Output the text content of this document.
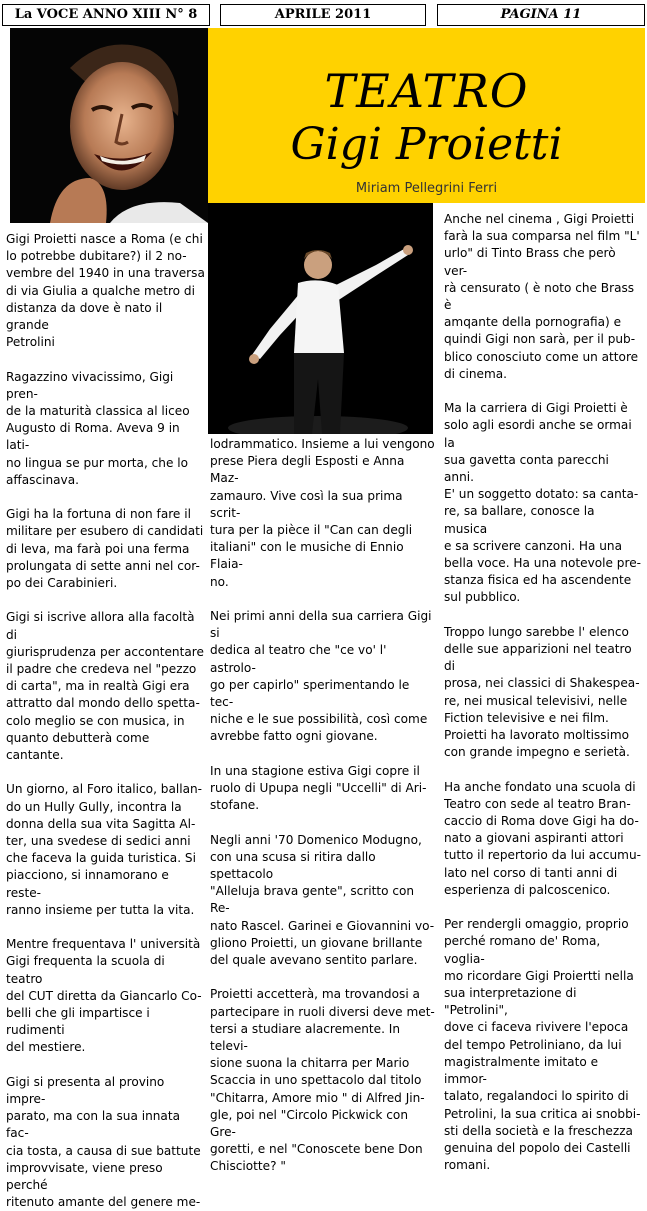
La VOCE ANNO XIII N° 8	APRILE 2011	PAGINA 11
TEATRO
Gigi Proietti
Miriam Pellegrini Ferri

Gigi Proietti nasce a Roma (e chi

lo potrebbe dubitare?) il 2 no-

vembre del 1940 in una traversa

di via Giulia a qualche metro di

distanza da dove è nato il grande

Petrolini

Ragazzino vivacissimo, Gigi pren-

de la maturità classica al liceo

Augusto di Roma. Aveva 9 in lati-

no lingua se pur morta, che lo

affascinava.

Gigi ha la fortuna di non fare il

militare per esubero di candidati

di leva, ma farà poi una ferma

prolungata di sette anni nel cor-

po dei Carabinieri.

Gigi si iscrive allora alla facoltà di

giurisprudenza per accontentare

il padre che credeva nel "pezzo

di carta", ma in realtà Gigi era

attratto dal mondo dello spetta-

colo meglio se con musica, in

quanto debutterà come cantante.

Un giorno, al Foro italico, ballan-

do un Hully Gully, incontra la

donna della sua vita Sagitta Al-

ter, una svedese di sedici anni

che faceva la guida turistica. Si

piacciono, si innamorano e reste-

ranno insieme per tutta la vita.

Mentre frequentava l' università

Gigi frequenta la scuola di teatro

del CUT diretta da Giancarlo Co-

belli che gli impartisce i rudimenti

del mestiere.

Gigi si presenta al provino impre-

parato, ma con la sua innata fac-

cia tosta, a causa di sue battute

improvvisate, viene preso perché

ritenuto amante del genere me-

lodrammatico. Insieme a lui vengono

prese Piera degli Esposti e Anna Maz-

zamauro. Vive così la sua prima scrit-

tura per la pièce il "Can can degli

italiani" con le musiche di Ennio Flaia-

no.

Nei primi anni della sua carriera Gigi si

dedica al teatro che "ce vo' l' astrolo-

go per capirlo" sperimentando le tec-

niche e le sue possibilità, così come

avrebbe fatto ogni giovane.

In una stagione estiva Gigi copre il

ruolo di Upupa negli "Uccelli" di Ari-

stofane.

Negli anni '70 Domenico Modugno,

con una scusa si ritira dallo spettacolo

"Alleluja brava gente", scritto con Re-

nato Rascel. Garinei e Giovannini vo-

gliono Proietti, un giovane brillante

del quale avevano sentito parlare.

Proietti accetterà, ma trovandosi a

partecipare in ruoli diversi deve met-

tersi a studiare alacremente. In televi-

sione suona la chitarra per Mario

Scaccia in uno spettacolo dal titolo

"Chitarra, Amore mio " di Alfred Jin-

gle, poi nel "Circolo Pickwick con Gre-

goretti, e nel "Conoscete bene Don

Chisciotte? "

Anche nel cinema , Gigi Proietti

farà la sua comparsa nel film "L'

urlo" di Tinto Brass che però ver-

rà censurato ( è noto che Brass è

amqante della pornografia) e

quindi Gigi non sarà, per il pub-

blico conosciuto come un attore

di cinema.

Ma la carriera di Gigi Proietti è

solo agli esordi anche se ormai la

sua gavetta conta parecchi anni.

E' un soggetto dotato: sa canta-

re, sa ballare, conosce la musica

e sa scrivere canzoni. Ha una

bella voce. Ha una notevole pre-

stanza fisica ed ha ascendente

sul pubblico.

Troppo lungo sarebbe l' elenco

delle sue apparizioni nel teatro di

prosa, nei classici di Shakespea-

re, nei musical televisivi, nelle

Fiction televisive e nei film.

Proietti ha lavorato moltissimo

con grande impegno e serietà.

Ha anche fondato una scuola di

Teatro con sede al teatro Bran-

caccio di Roma dove Gigi ha do-

nato a giovani aspiranti attori

tutto il repertorio da lui accumu-

lato nel corso di tanti anni di

esperienza di palcoscenico.

Per rendergli omaggio, proprio

perché romano de' Roma, voglia-

mo ricordare Gigi Proiertti nella

sua interpretazione di "Petrolini",

dove ci faceva rivivere l'epoca

del tempo Petroliniano, da lui

magistralmente imitato e immor-

talato, regalandoci lo spirito di

Petrolini, la sua critica ai snobbi-

sti della società e la freschezza

genuina del popolo dei Castelli

romani.
